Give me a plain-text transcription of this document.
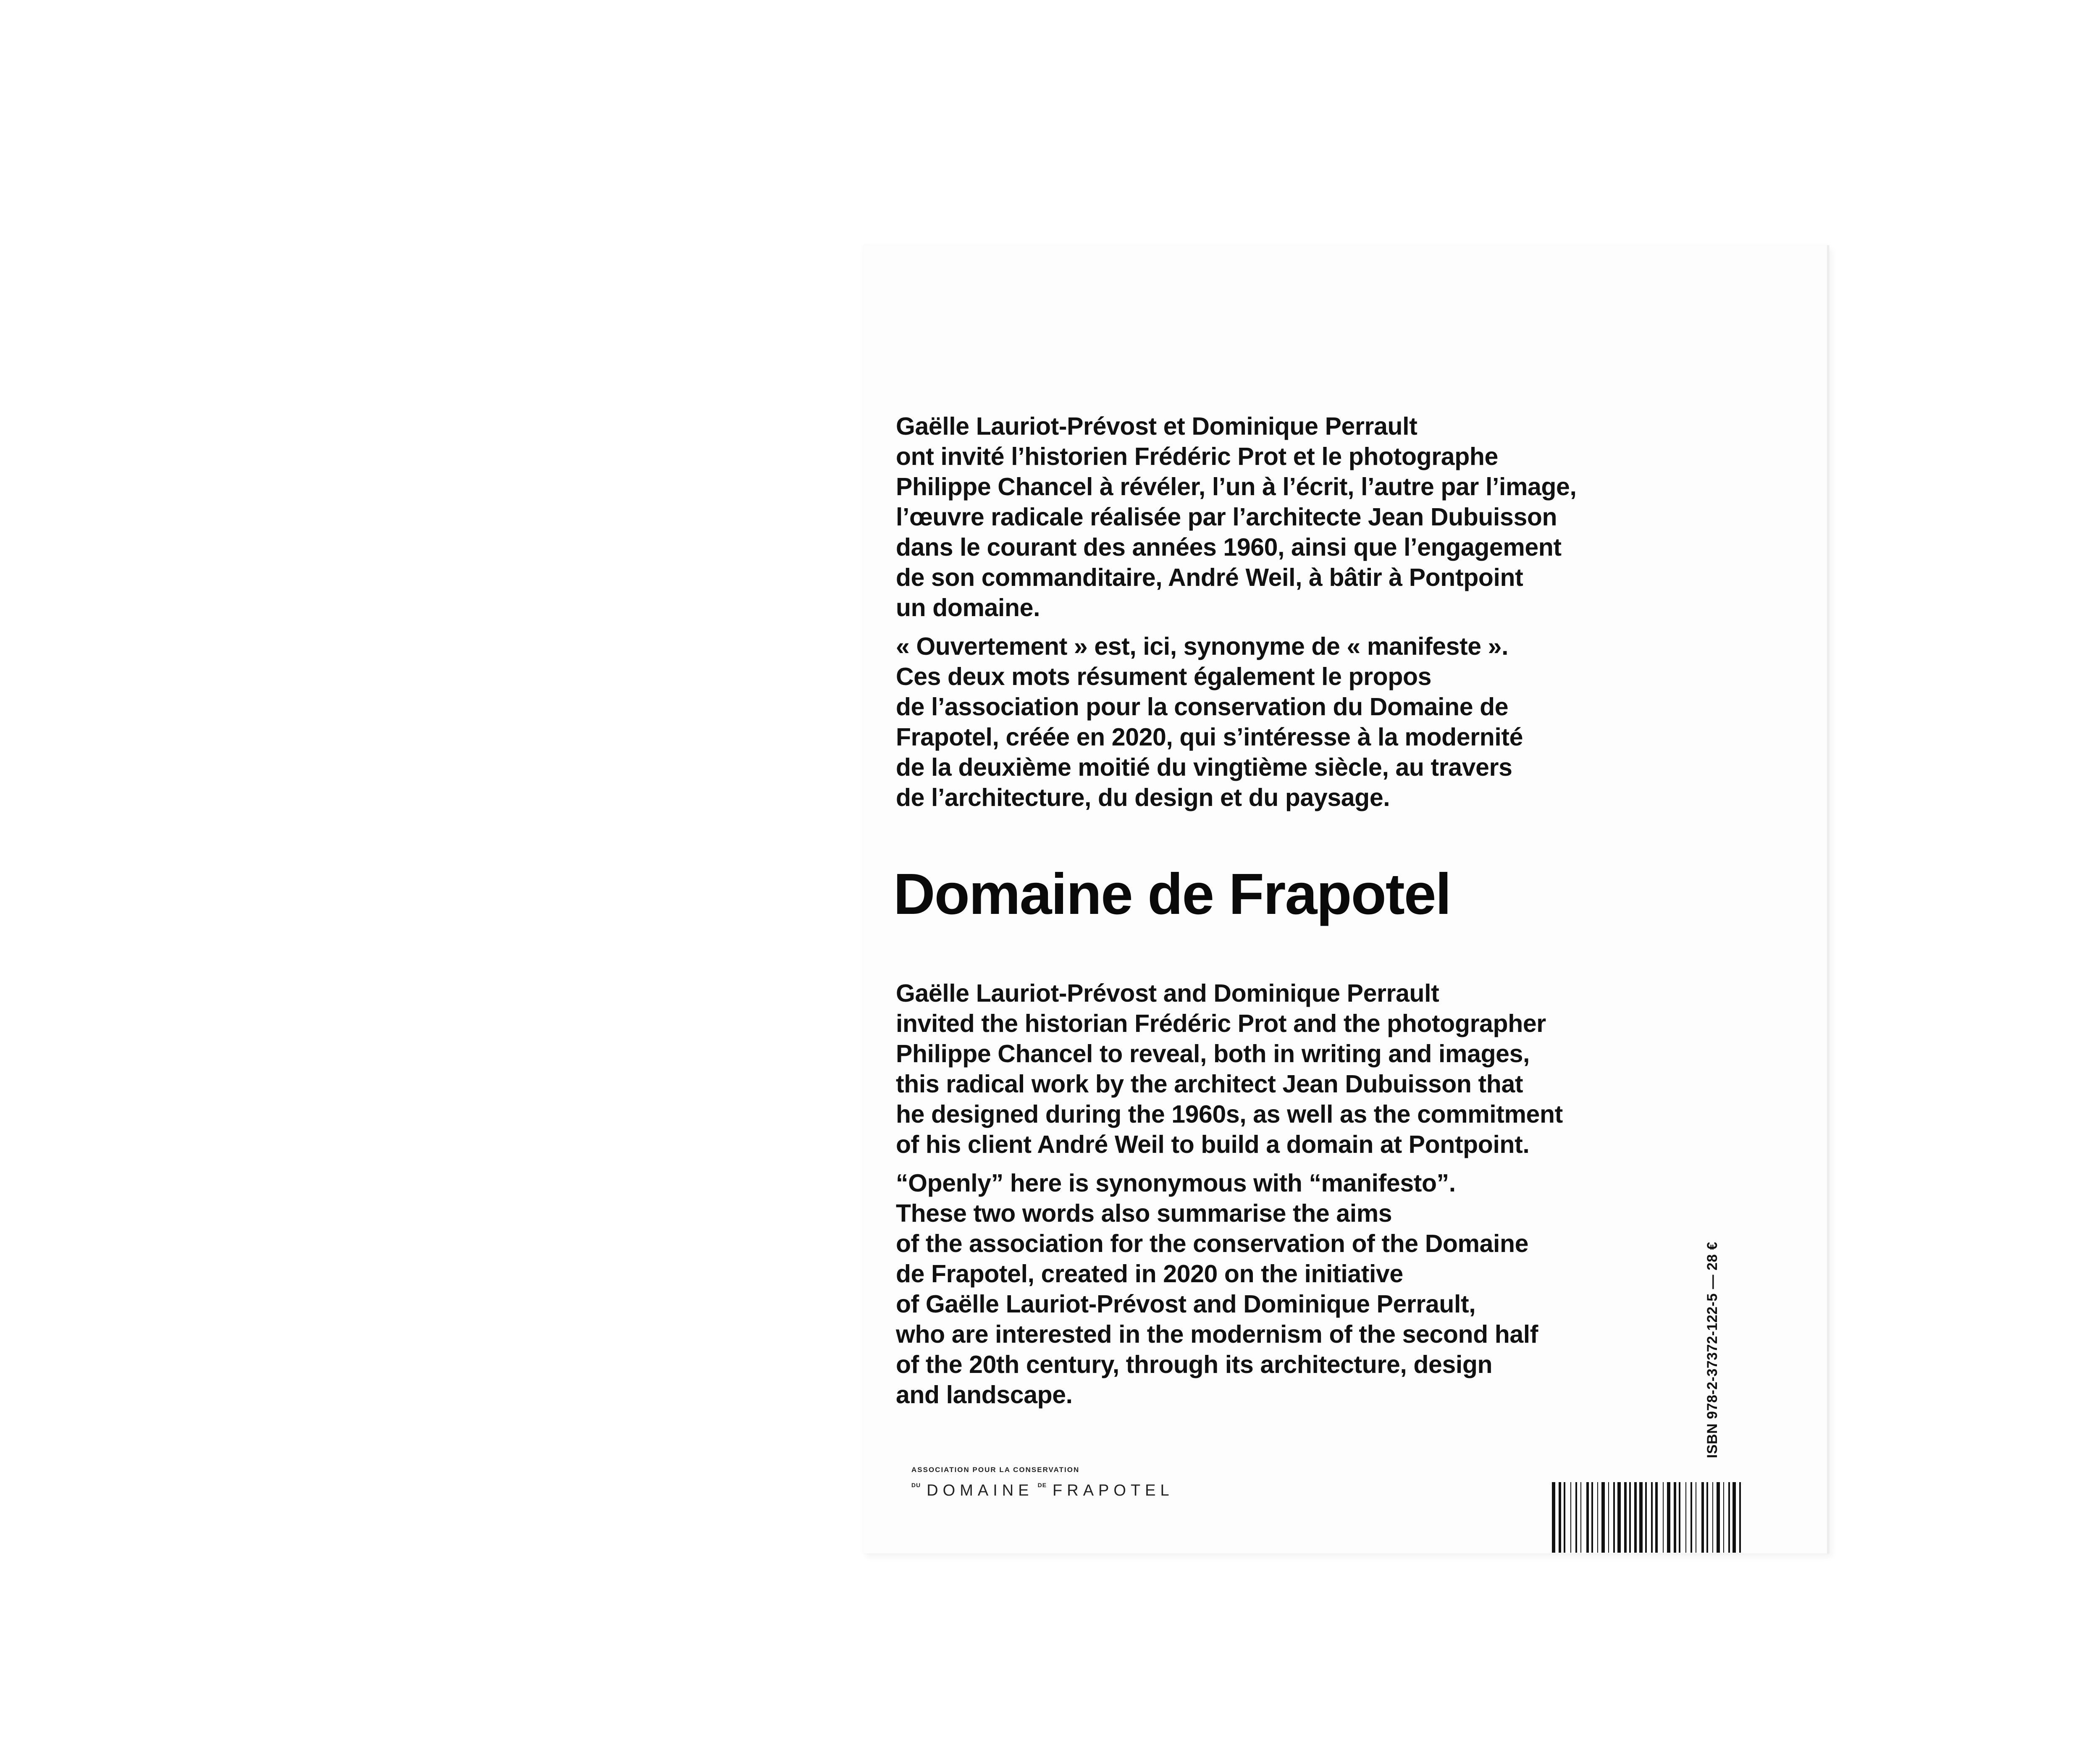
Gaëlle Lauriot-Prévost et Dominique Perrault
ont invité l’historien Frédéric Prot et le photographe
Philippe Chancel à révéler, l’un à l’écrit, l’autre par l’image,
l’œuvre radicale réalisée par l’architecte Jean Dubuisson
dans le courant des années 1960, ainsi que l’engagement
de son commanditaire, André Weil, à bâtir à Pontpoint
un domaine.

« Ouvertement » est, ici, synonyme de « manifeste ».
Ces deux mots résument également le propos
de l’association pour la conservation du Domaine de
Frapotel, créée en 2020, qui s’intéresse à la modernité
de la deuxième moitié du vingtième siècle, au travers
de l’architecture, du design et du paysage.

Domaine de Frapotel

Gaëlle Lauriot-Prévost and Dominique Perrault
invited the historian Frédéric Prot and the photographer
Philippe Chancel to reveal, both in writing and images,
this radical work by the architect Jean Dubuisson that
he designed during the 1960s, as well as the commitment
of his client André Weil to build a domain at Pontpoint.

“Openly” here is synonymous with “manifesto”.
These two words also summarise the aims
of the association for the conservation of the Domaine
de Frapotel, created in 2020 on the initiative
of Gaëlle Lauriot-Prévost and Dominique Perrault,
who are interested in the modernism of the second half
of the 20th century, through its architecture, design
and landscape.

ASSOCIATION POUR LA CONSERVATION
DU DOMAINE DE FRAPOTEL
ISBN 978-2-37372-122-5 — 28 €
